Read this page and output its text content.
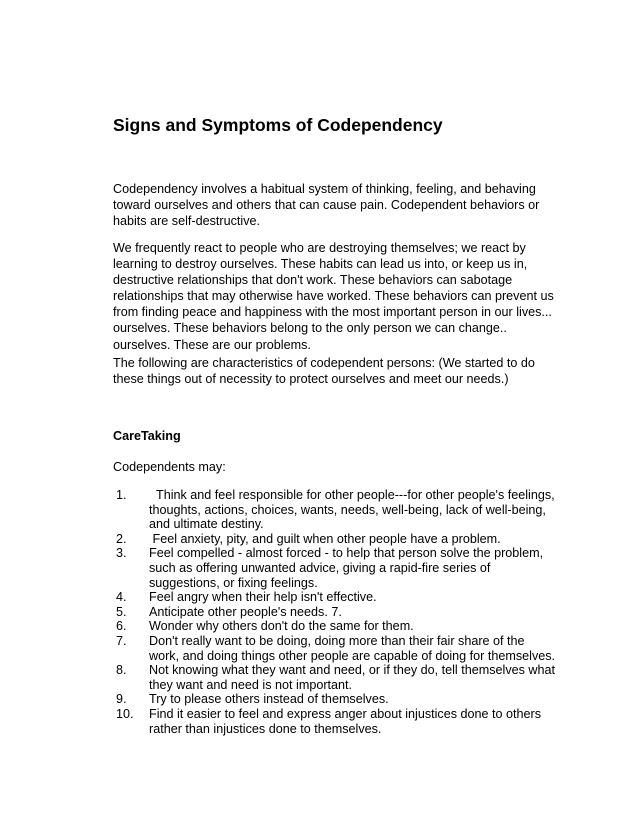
Signs and Symptoms of Codependency

Codependency involves a habitual system of thinking, feeling, and behaving toward ourselves and others that can cause pain. Codependent behaviors or habits are self-destructive.

We frequently react to people who are destroying themselves; we react by learning to destroy ourselves. These habits can lead us into, or keep us in, destructive relationships that don't work. These behaviors can sabotage relationships that may otherwise have worked. These behaviors can prevent us from finding peace and happiness with the most important person in our lives... ourselves. These behaviors belong to the only person we can change.. ourselves. These are our problems.

The following are characteristics of codependent persons: (We started to do these things out of necessity to protect ourselves and meet our needs.)

CareTaking

Codependents may:

1.	Think and feel responsible for other people---for other people's feelings, thoughts, actions, choices, wants, needs, well-being, lack of well-being, and ultimate destiny.
2.	Feel anxiety, pity, and guilt when other people have a problem.
3.	Feel compelled - almost forced - to help that person solve the problem, such as offering unwanted advice, giving a rapid-fire series of suggestions, or fixing feelings.
4.	Feel angry when their help isn't effective.
5.	Anticipate other people's needs. 7.
6.	Wonder why others don't do the same for them.
7.	Don't really want to be doing, doing more than their fair share of the work, and doing things other people are capable of doing for themselves.
8.	Not knowing what they want and need, or if they do, tell themselves what they want and need is not important.
9.	Try to please others instead of themselves.
10.	Find it easier to feel and express anger about injustices done to others rather than injustices done to themselves.
